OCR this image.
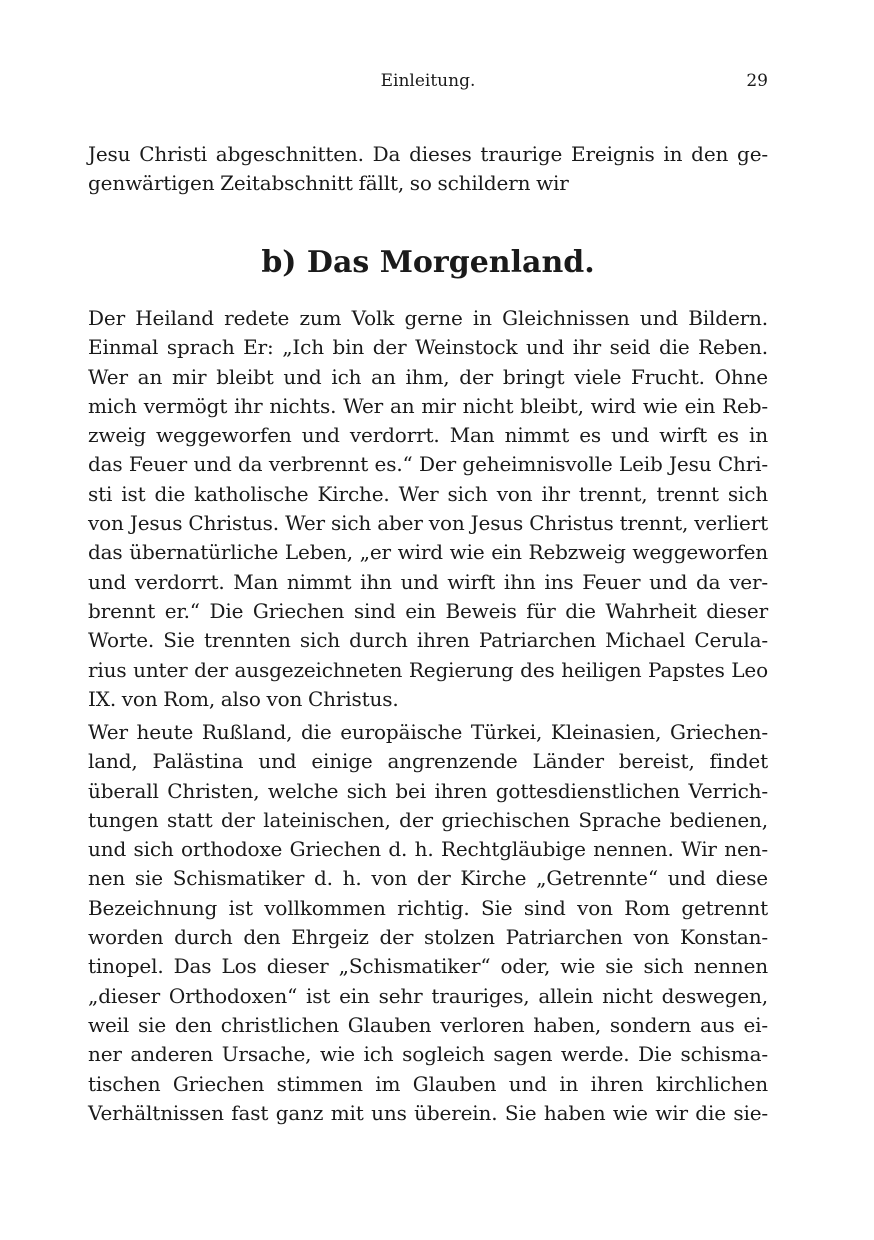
Einleitung.	29
Jesu Christi abgeschnitten. Da dieses traurige Ereignis in den ge-
genwärtigen Zeitabschnitt fällt, so schildern wir
b) Das Morgenland.
Der Heiland redete zum Volk gerne in Gleichnissen und Bildern.
Einmal sprach Er: „Ich bin der Weinstock und ihr seid die Reben.
Wer an mir bleibt und ich an ihm, der bringt viele Frucht. Ohne
mich vermögt ihr nichts. Wer an mir nicht bleibt, wird wie ein Reb-
zweig weggeworfen und verdorrt. Man nimmt es und wirft es in
das Feuer und da verbrennt es.“ Der geheimnisvolle Leib Jesu Chri-
sti ist die katholische Kirche. Wer sich von ihr trennt, trennt sich
von Jesus Christus. Wer sich aber von Jesus Christus trennt, verliert
das übernatürliche Leben, „er wird wie ein Rebzweig weggeworfen
und verdorrt. Man nimmt ihn und wirft ihn ins Feuer und da ver-
brennt er.“ Die Griechen sind ein Beweis für die Wahrheit dieser
Worte. Sie trennten sich durch ihren Patriarchen Michael Cerula-
rius unter der ausgezeichneten Regierung des heiligen Papstes Leo
IX. von Rom, also von Christus.
Wer heute Rußland, die europäische Türkei, Kleinasien, Griechen-
land, Palästina und einige angrenzende Länder bereist, findet
überall Christen, welche sich bei ihren gottesdienstlichen Verrich-
tungen statt der lateinischen, der griechischen Sprache bedienen,
und sich orthodoxe Griechen d. h. Rechtgläubige nennen. Wir nen-
nen sie Schismatiker d. h. von der Kirche „Getrennte“ und diese
Bezeichnung ist vollkommen richtig. Sie sind von Rom getrennt
worden durch den Ehrgeiz der stolzen Patriarchen von Konstan-
tinopel. Das Los dieser „Schismatiker“ oder, wie sie sich nennen
„dieser Orthodoxen“ ist ein sehr trauriges, allein nicht deswegen,
weil sie den christlichen Glauben verloren haben, sondern aus ei-
ner anderen Ursache, wie ich sogleich sagen werde. Die schisma-
tischen Griechen stimmen im Glauben und in ihren kirchlichen
Verhältnissen fast ganz mit uns überein. Sie haben wie wir die sie-
